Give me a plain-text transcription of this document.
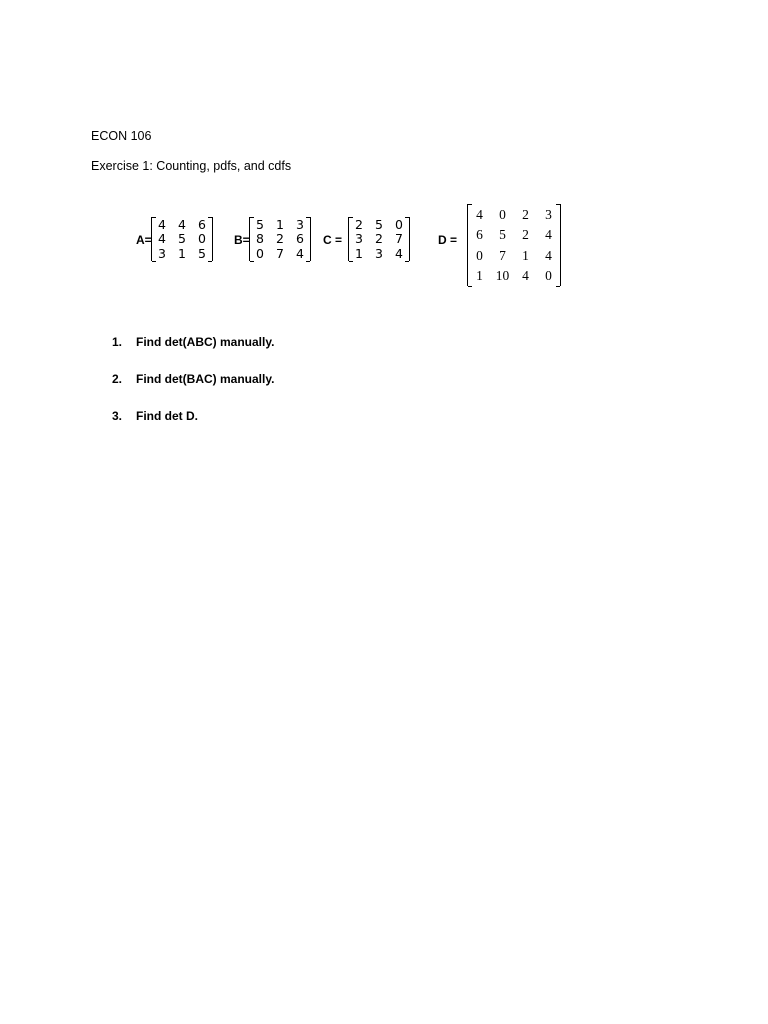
ECON 106
Exercise 1: Counting, pdfs, and cdfs
A=
4	4	6
4	5	0
3	1	5
B=
5	1	3
8	2	6
0	7	4
C =
2	5	0
3	2	7
1	3	4
D =
4	0	2	3
6	5	2	4
0	7	1	4
1	10	4	0
1. Find det(ABC) manually.
2. Find det(BAC) manually.
3. Find det D.
